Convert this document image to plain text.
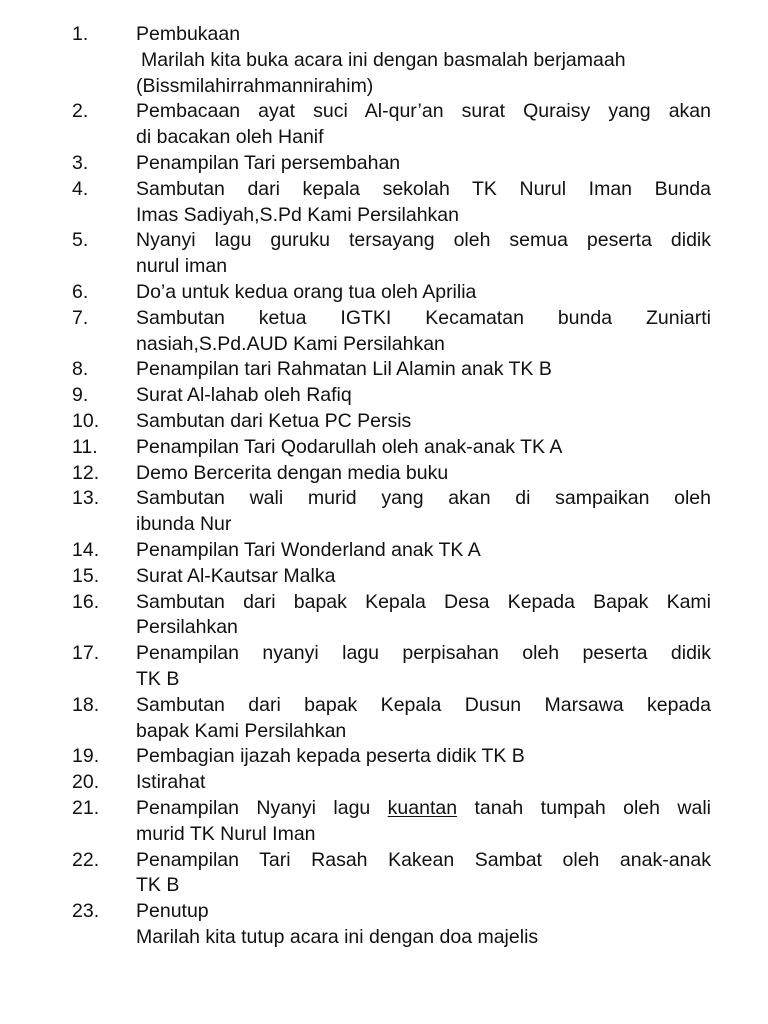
1.	Pembukaan
Marilah kita buka acara ini dengan basmalah berjamaah
(Bissmilahirrahmannirahim)
2.	Pembacaan ayat suci Al-qur’an surat Quraisy yang akan
di bacakan oleh Hanif
3.	Penampilan Tari persembahan
4.	Sambutan dari kepala sekolah TK Nurul Iman Bunda
Imas Sadiyah,S.Pd Kami Persilahkan
5.	Nyanyi lagu guruku tersayang oleh semua peserta didik
nurul iman
6.	Do’a untuk kedua orang tua oleh Aprilia
7.	Sambutan ketua IGTKI Kecamatan bunda Zuniarti
nasiah,S.Pd.AUD Kami Persilahkan
8.	Penampilan tari Rahmatan Lil Alamin anak TK B
9.	Surat Al-lahab oleh Rafiq
10.	Sambutan dari Ketua PC Persis
11.	Penampilan Tari Qodarullah oleh anak-anak TK A
12.	Demo Bercerita dengan media buku
13.	Sambutan wali murid yang akan di sampaikan oleh
ibunda Nur
14.	Penampilan Tari Wonderland anak TK A
15.	Surat Al-Kautsar Malka
16.	Sambutan dari bapak Kepala Desa Kepada Bapak Kami
Persilahkan
17.	Penampilan nyanyi lagu perpisahan oleh peserta didik
TK B
18.	Sambutan dari bapak Kepala Dusun Marsawa kepada
bapak Kami Persilahkan
19.	Pembagian ijazah kepada peserta didik TK B
20.	Istirahat
21.	Penampilan Nyanyi lagu kuantan tanah tumpah oleh wali
murid TK Nurul Iman
22.	Penampilan Tari Rasah Kakean Sambat oleh anak-anak
TK B
23.	Penutup
Marilah kita tutup acara ini dengan doa majelis
